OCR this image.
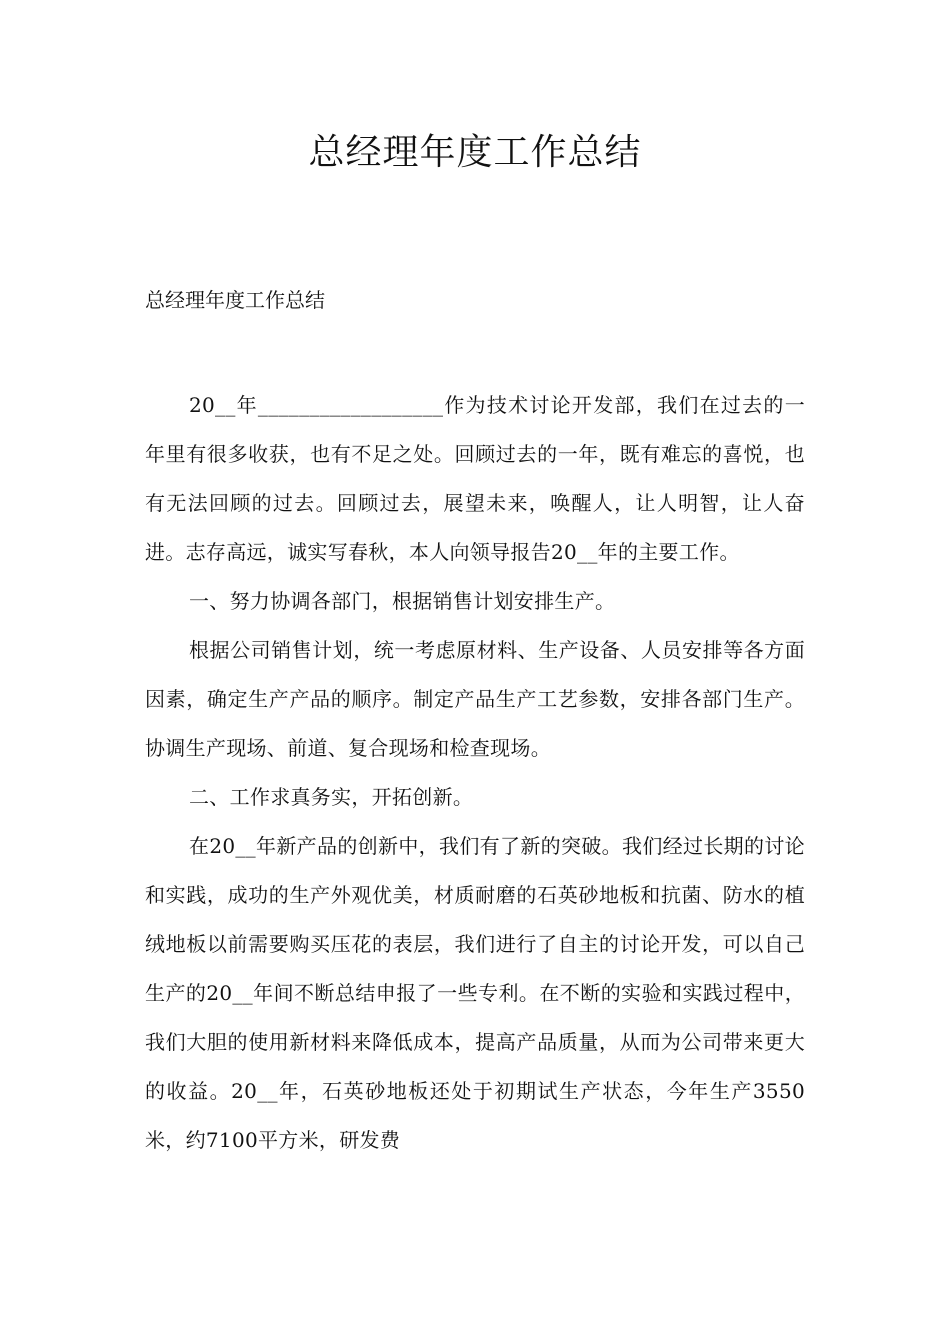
总经理年度工作总结

总经理年度工作总结

20__年__________________作为技术讨论开发部，我们在过去的一年里有很多收获，也有不足之处。回顾过去的一年，既有难忘的喜悦，也有无法回顾的过去。回顾过去，展望未来，唤醒人，让人明智，让人奋进。志存高远，诚实写春秋，本人向领导报告20__年的主要工作。

一、努力协调各部门，根据销售计划安排生产。

根据公司销售计划，统一考虑原材料、生产设备、人员安排等各方面因素，确定生产产品的顺序。制定产品生产工艺参数，安排各部门生产。协调生产现场、前道、复合现场和检查现场。

二、工作求真务实，开拓创新。

在20__年新产品的创新中，我们有了新的突破。我们经过长期的讨论和实践，成功的生产外观优美，材质耐磨的石英砂地板和抗菌、防水的植绒地板以前需要购买压花的表层，我们进行了自主的讨论开发，可以自己生产的20__年间不断总结申报了一些专利。在不断的实验和实践过程中，我们大胆的使用新材料来降低成本，提高产品质量，从而为公司带来更大的收益。20__年，石英砂地板还处于初期试生产状态，今年生产3550米，约7100平方米，研发费
